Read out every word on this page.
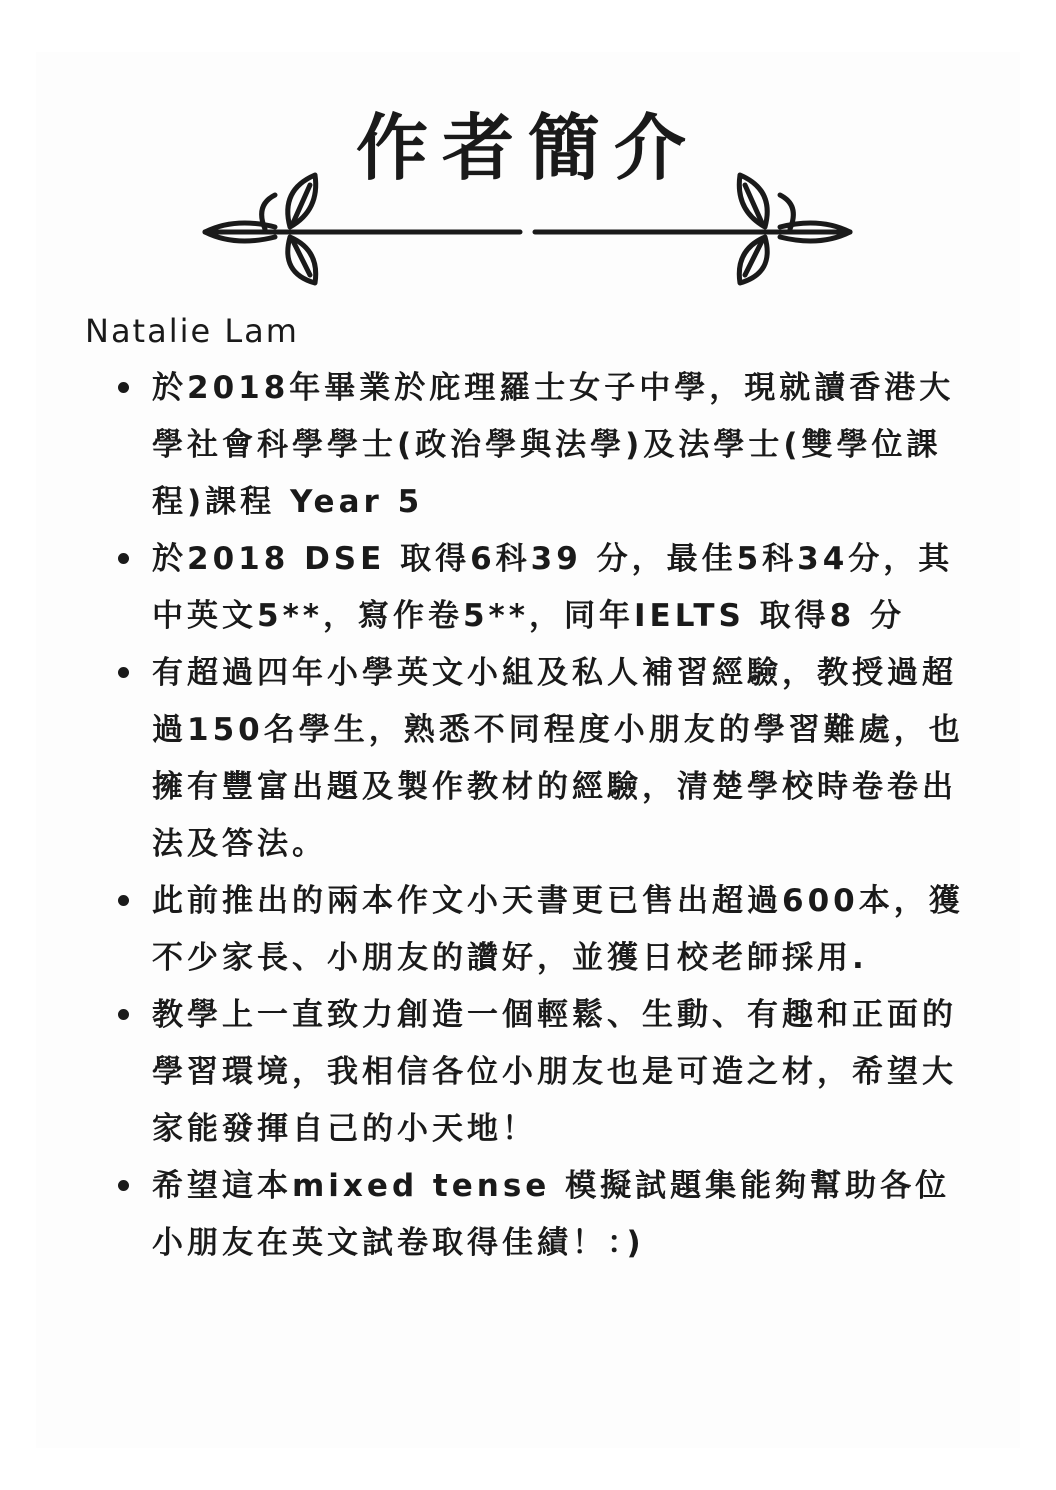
作者簡介
Natalie Lam
於2018年畢業於庇理羅士女子中學，現就讀香港大學社會科學學士(政治學與法學)及法學士(雙學位課程)課程 Year 5
於2018 DSE 取得6科39 分，最佳5科34分，其中英文5**，寫作卷5**，同年IELTS 取得8 分
有超過四年小學英文小組及私人補習經驗，教授過超過150名學生，熟悉不同程度小朋友的學習難處，也擁有豐富出題及製作教材的經驗，清楚學校時卷卷出法及答法。
此前推出的兩本作文小天書更已售出超過600本，獲不少家長、小朋友的讚好，並獲日校老師採用.
教學上一直致力創造一個輕鬆、生動、有趣和正面的學習環境，我相信各位小朋友也是可造之材，希望大家能發揮自己的小天地！
希望這本mixed tense 模擬試題集能夠幫助各位小朋友在英文試卷取得佳績！：)
